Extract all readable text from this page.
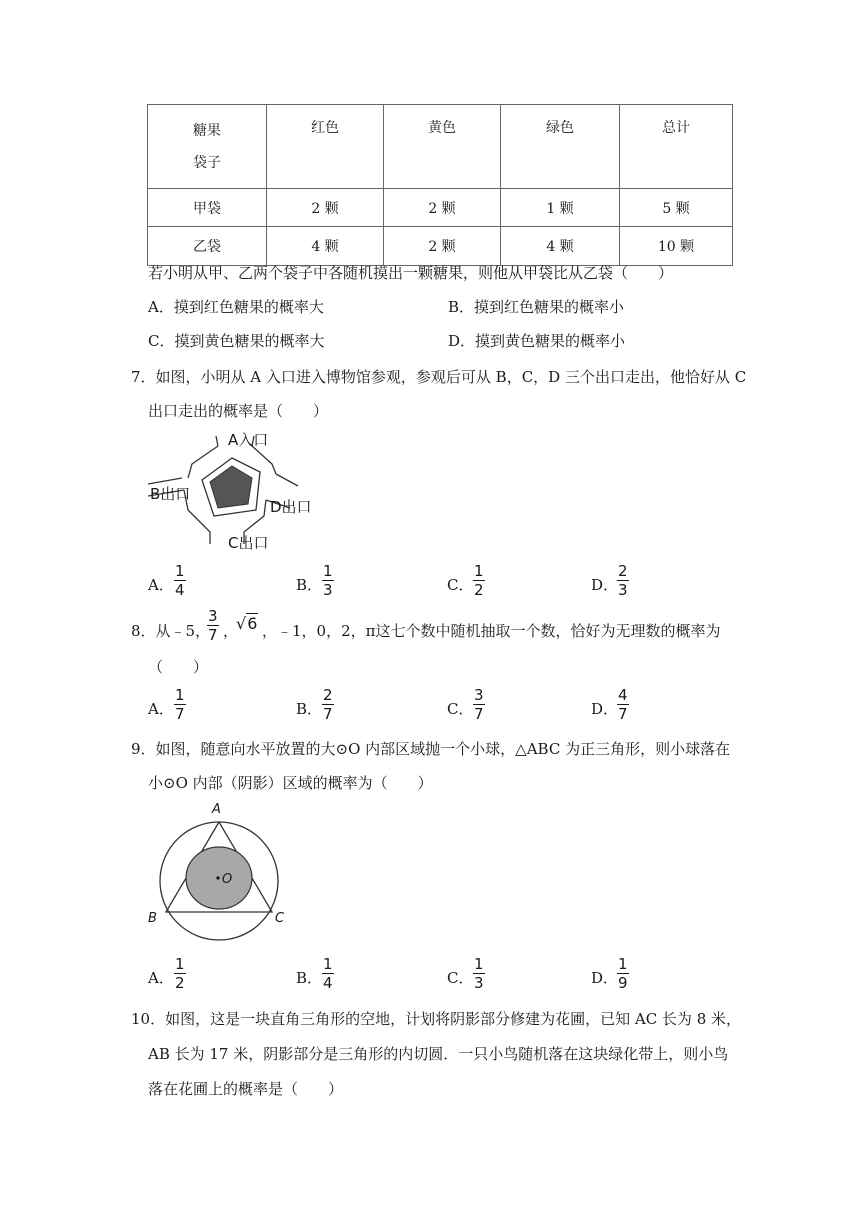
糖果
袋子	红色	黄色	绿色	总计
甲袋	2 颗	2 颗	1 颗	5 颗
乙袋	4 颗	2 颗	4 颗	10 颗
若小明从甲、乙两个袋子中各随机摸出一颗糖果，则他从甲袋比从乙袋（　　）
A．摸到红色糖果的概率大	B．摸到红色糖果的概率小
C．摸到黄色糖果的概率大	D．摸到黄色糖果的概率小
7．如图，小明从 A 入口进入博物馆参观，参观后可从 B，C，D 三个出口走出，他恰好从 C
出口走出的概率是（　　）
A入口
B出口
D出口
C出口
A．
1
4	B．
1
3	C．
1
2	D．
2
3
8．从﹣5，
3
7 ，
√6 ，﹣1，0，2，π这七个数中随机抽取一个数，恰好为无理数的概率为
（　　）
A．
1
7	B．
2
7	C．
3
7	D．
4
7
9．如图，随意向水平放置的大⊙O 内部区域抛一个小球，△ABC 为正三角形，则小球落在
小⊙O 内部（阴影）区域的概率为（　　）
A
B	C
O
A．
1
2	B．
1
4	C．
1
3	D．
1
9
10．如图，这是一块直角三角形的空地，计划将阴影部分修建为花圃，已知 AC 长为 8 米，
AB 长为 17 米，阴影部分是三角形的内切圆．一只小鸟随机落在这块绿化带上，则小鸟
落在花圃上的概率是（　　）
